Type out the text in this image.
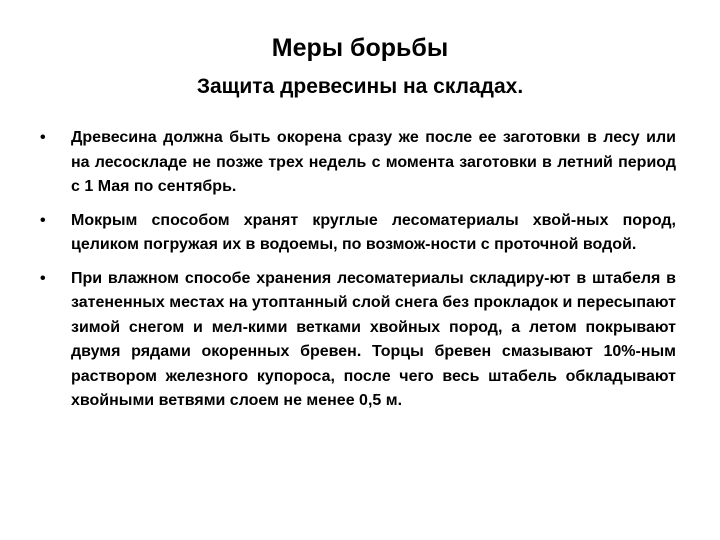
Меры борьбы
Защита древесины на складах.
• Древесина должна быть окорена сразу же после ее заготовки в лесу или на лесоскладе не позже трех недель с момента заготовки в летний период с 1 Мая по сентябрь.
• Мокрым способом хранят круглые лесоматериалы хвой-ных пород, целиком погружая их в водоемы, по возмож-ности с проточной водой.
• При влажном способе хранения лесоматериалы складиру-ют в штабеля в затененных местах на утоптанный слой снега без прокладок и пересыпают зимой снегом и мел-кими ветками хвойных пород, а летом покрывают двумя рядами окоренных бревен. Торцы бревен смазывают 10%-ным раствором железного купороса, после чего весь штабель обкладывают хвойными ветвями слоем не менее 0,5 м.
